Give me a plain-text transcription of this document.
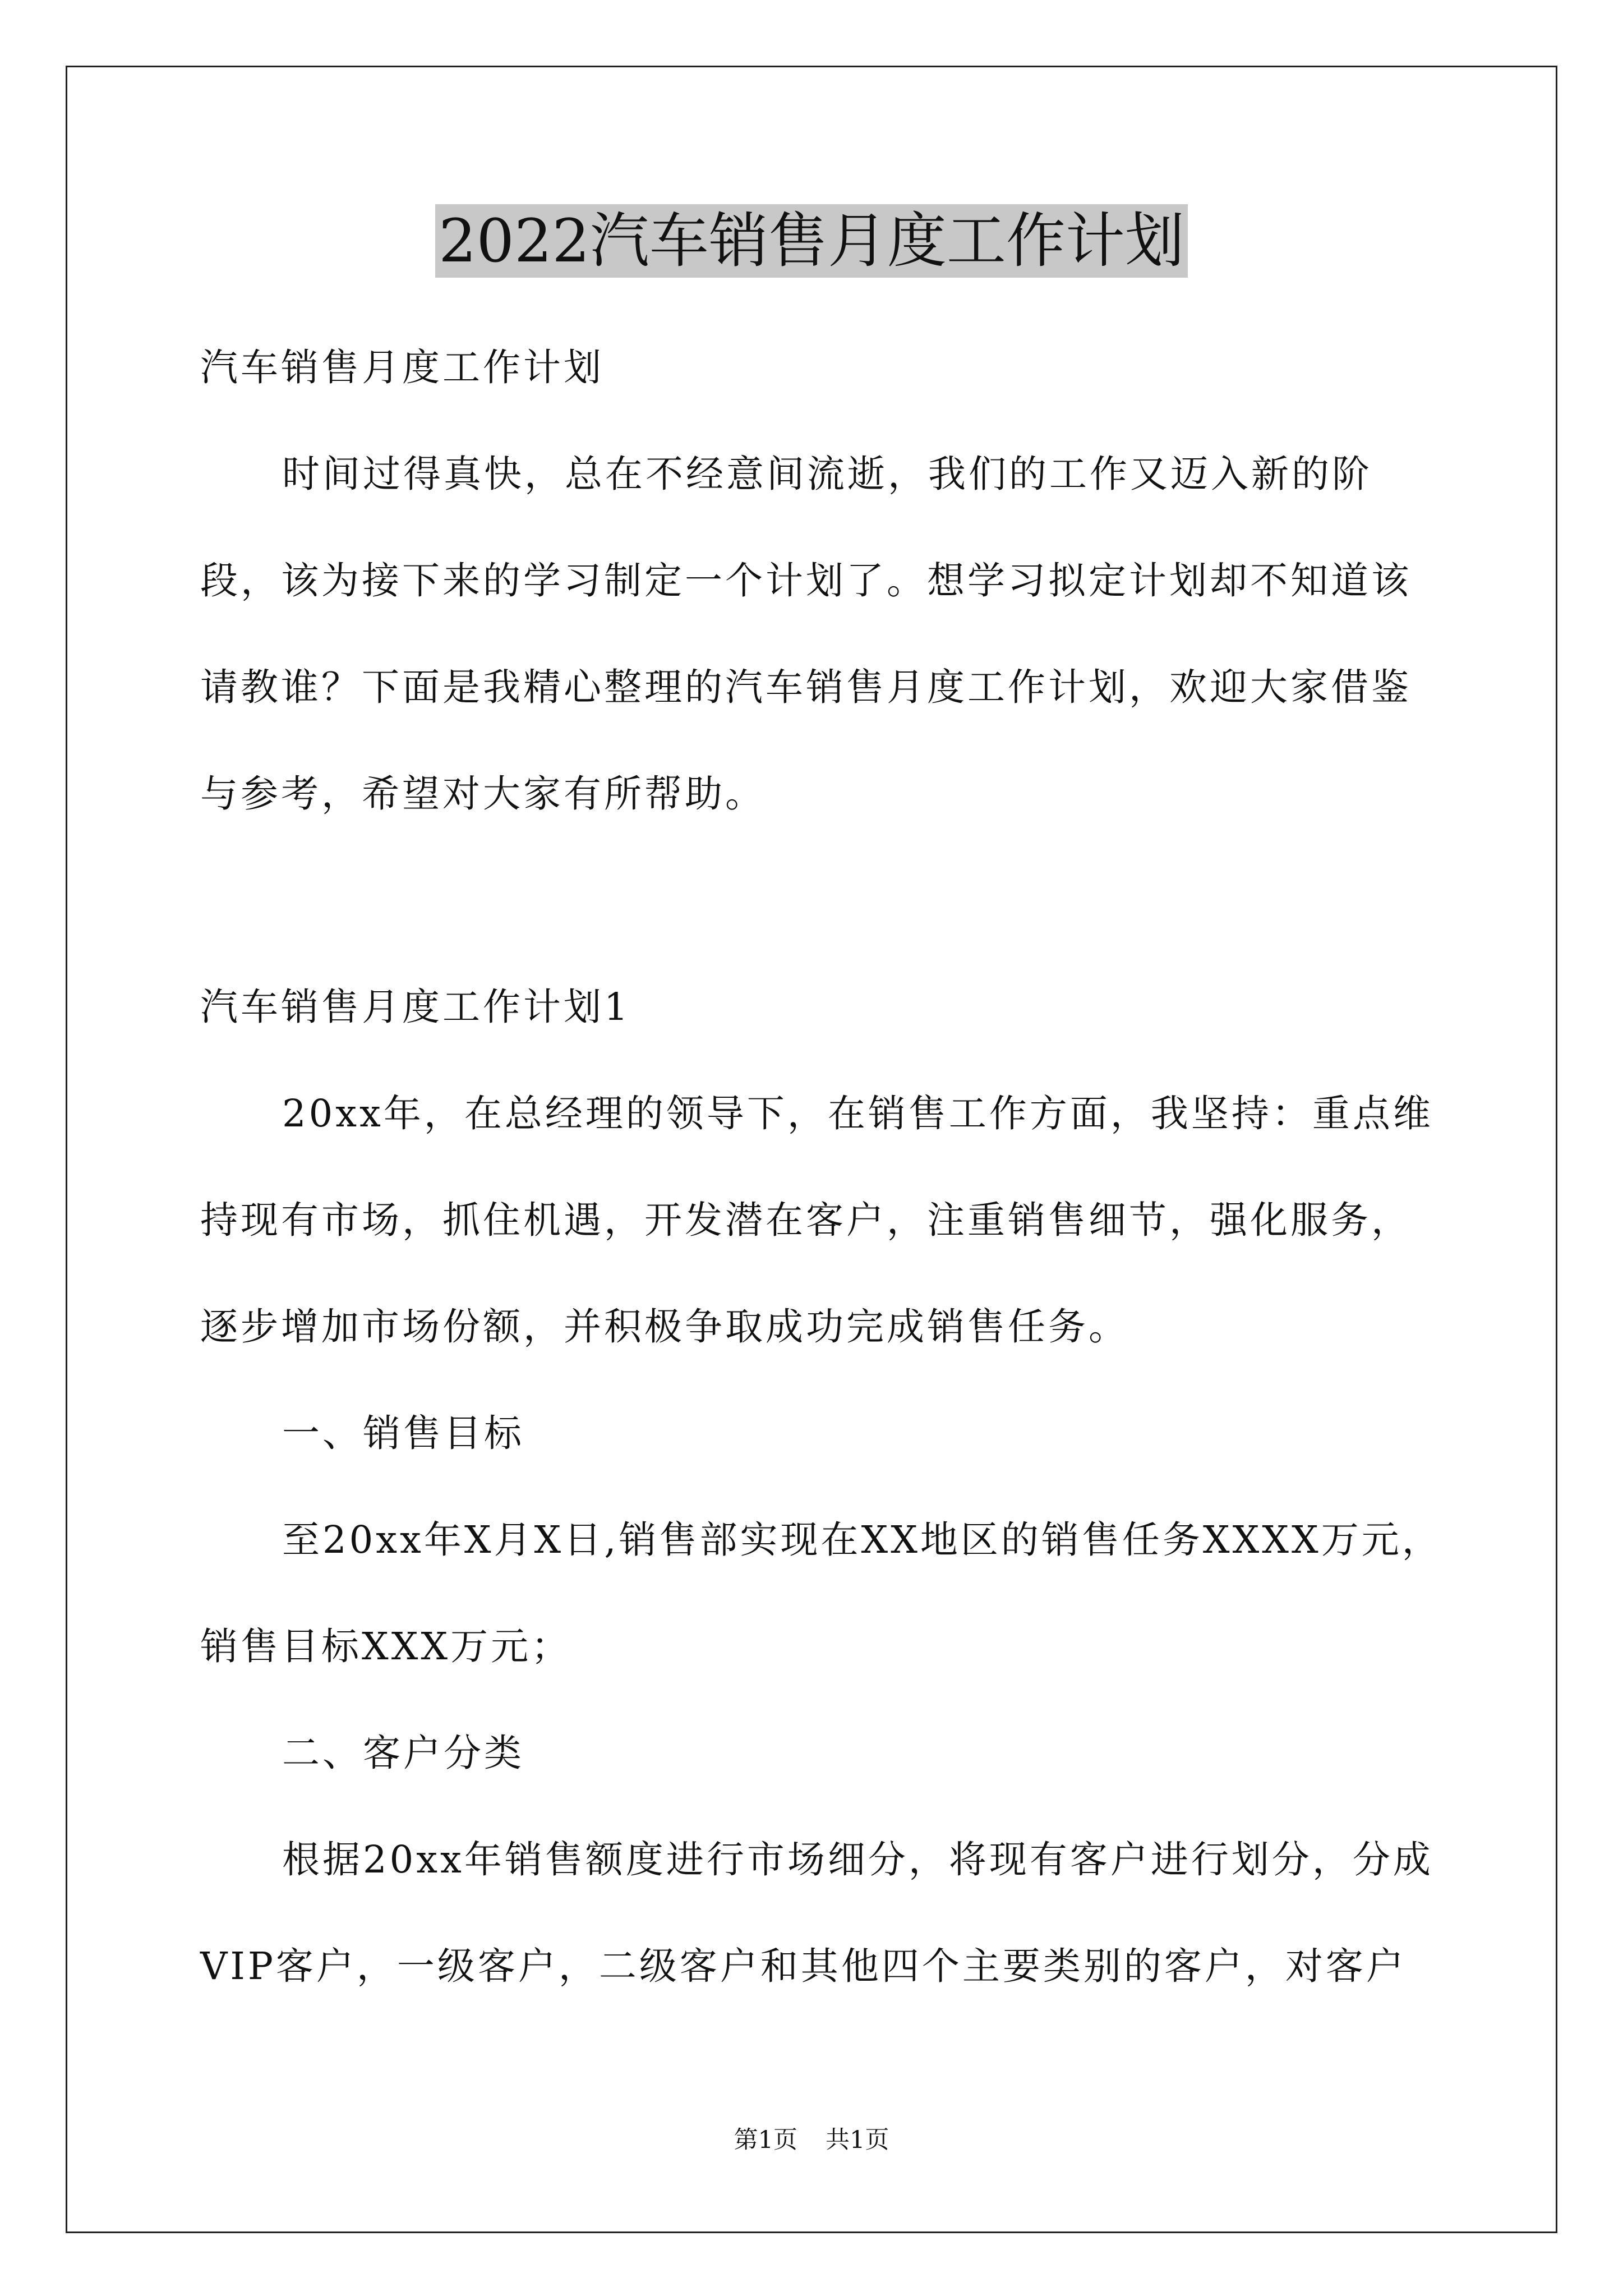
2022汽车销售月度工作计划

汽车销售月度工作计划

时间过得真快，总在不经意间流逝，我们的工作又迈入新的阶段，该为接下来的学习制定一个计划了。想学习拟定计划却不知道该请教谁？下面是我精心整理的汽车销售月度工作计划，欢迎大家借鉴与参考，希望对大家有所帮助。

汽车销售月度工作计划1

20xx年，在总经理的领导下，在销售工作方面，我坚持：重点维持现有市场，抓住机遇，开发潜在客户，注重销售细节，强化服务，逐步增加市场份额，并积极争取成功完成销售任务。

一、销售目标

至20xx年X月X日,销售部实现在XX地区的销售任务XXXX万元，销售目标XXX万元；

二、客户分类

根据20xx年销售额度进行市场细分，将现有客户进行划分，分成VIP客户，一级客户，二级客户和其他四个主要类别的客户，对客户

第1页 共1页
